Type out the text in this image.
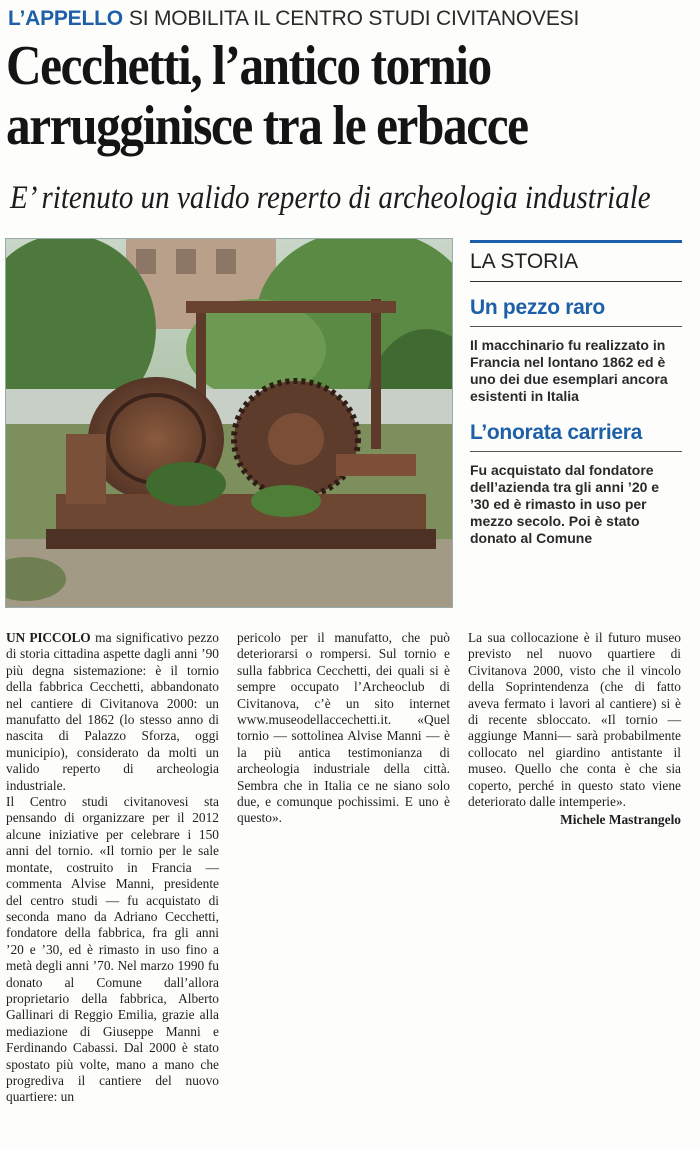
L’APPELLO SI MOBILITA IL CENTRO STUDI CIVITANOVESI
Cecchetti, l’antico tornio
arrugginisce tra le erbacce
E’ ritenuto un valido reperto di archeologia industriale
LA STORIA
Un pezzo raro
Il macchinario fu realizzato in Francia nel lontano 1862 ed è uno dei due esemplari ancora esistenti in Italia
L’onorata carriera
Fu acquistato dal fondatore dell’azienda tra gli anni ’20 e ’30 ed è rimasto in uso per mezzo secolo. Poi è stato donato al Comune

UN PICCOLO ma significativo pezzo di storia cittadina aspette dagli anni ’90 più degna sistemazione: è il tornio della fabbrica Cecchetti, abbandonato nel cantiere di Civitanova 2000: un manufatto del 1862 (lo stesso anno di nascita di Palazzo Sforza, oggi municipio), considerato da molti un valido reperto di archeologia industriale.

Il Centro studi civitanovesi sta pensando di organizzare per il 2012 alcune iniziative per celebrare i 150 anni del tornio. «Il tornio per le sale montate, costruito in Francia — commenta Alvise Manni, presidente del centro studi — fu acquistato di seconda mano da Adriano Cecchetti, fondatore della fabbrica, fra gli anni ’20 e ’30, ed è rimasto in uso fino a metà degli anni ’70. Nel marzo 1990 fu donato al Comune dall’allora proprietario della fabbrica, Alberto Gallinari di Reggio Emilia, grazie alla mediazione di Giuseppe Manni e Ferdinando Cabassi. Dal 2000 è stato spostato più volte, mano a mano che progrediva il cantiere del nuovo quartiere: un

pericolo per il manufatto, che può deteriorarsi o rompersi. Sul tornio e sulla fabbrica Cecchetti, dei quali si è sempre occupato l’Archeoclub di Civitanova, c’è un sito internet www.museodellaccechetti.it. «Quel tornio — sottolinea Alvise Manni — è la più antica testimonianza di archeologia industriale della città. Sembra che in Italia ce ne siano solo due, e comunque pochissimi. E uno è questo».

La sua collocazione è il futuro museo previsto nel nuovo quartiere di Civitanova 2000, visto che il vincolo della Soprintendenza (che di fatto aveva fermato i lavori al cantiere) si è di recente sbloccato. «Il tornio —aggiunge Manni— sarà probabilmente collocato nel giardino antistante il museo. Quello che conta è che sia coperto, perché in questo stato viene deteriorato dalle intemperie».

Michele Mastrangelo
